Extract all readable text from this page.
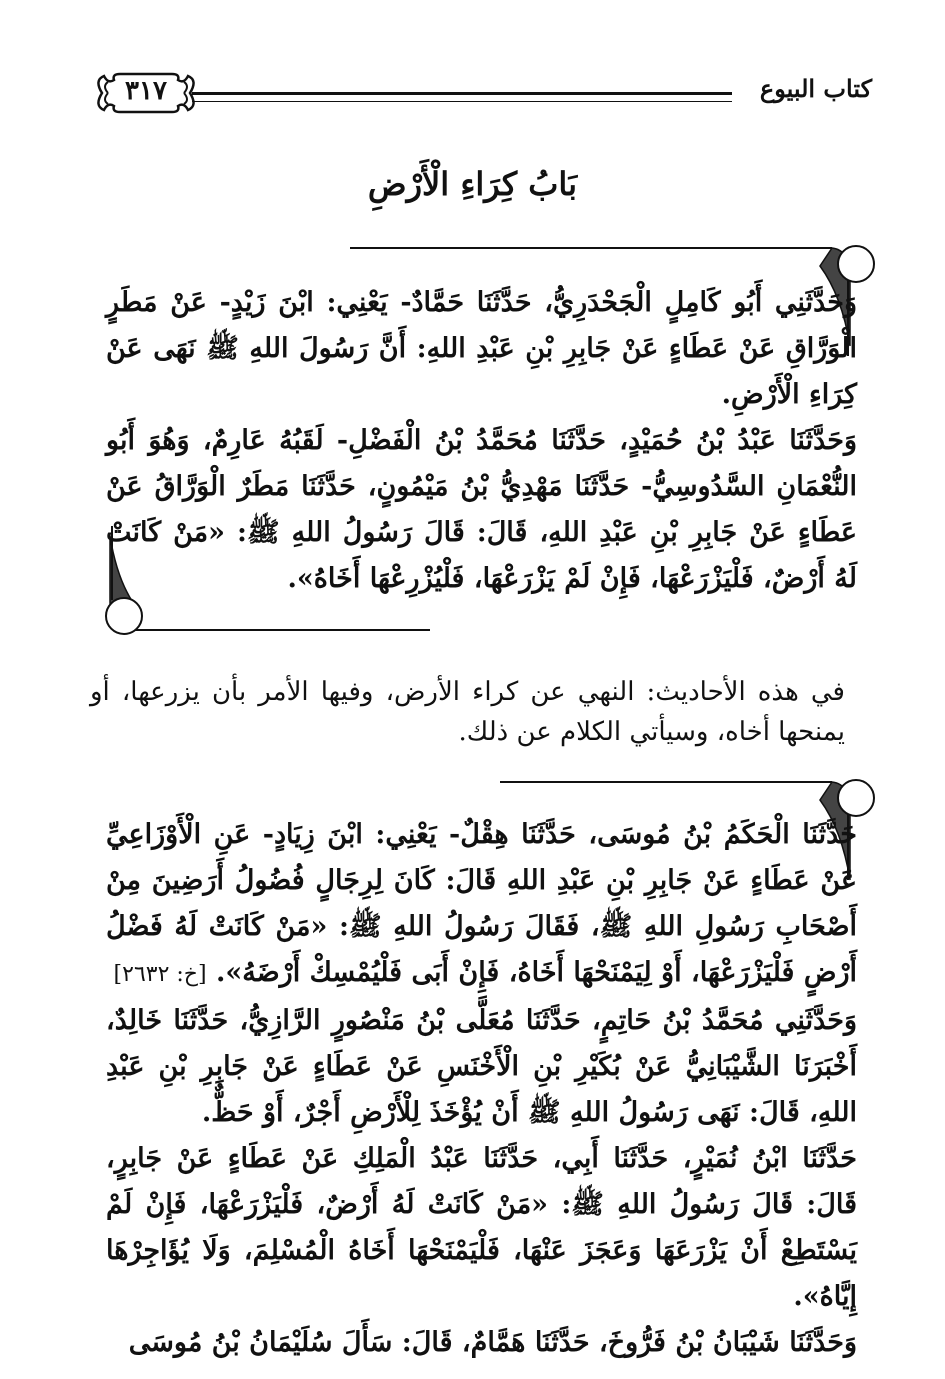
كتاب البيوع
٣١٧
بَابُ كِرَاءِ الْأَرْضِ

وَحَدَّثَنِي أَبُو كَامِلٍ الْجَحْدَرِيُّ، حَدَّثَنَا حَمَّادٌ- يَعْنِي: ابْنَ زَيْدٍ- عَنْ مَطَرٍ الْوَرَّاقِ عَنْ عَطَاءٍ عَنْ جَابِرِ بْنِ عَبْدِ اللهِ: أَنَّ رَسُولَ اللهِ ﷺ نَهَى عَنْ كِرَاءِ الْأَرْضِ.

وَحَدَّثَنَا عَبْدُ بْنُ حُمَيْدٍ، حَدَّثَنَا مُحَمَّدُ بْنُ الْفَضْلِ- لَقَبُهُ عَارِمٌ، وَهُوَ أَبُو النُّعْمَانِ السَّدُوسِيُّ- حَدَّثَنَا مَهْدِيُّ بْنُ مَيْمُونٍ، حَدَّثَنَا مَطَرٌ الْوَرَّاقُ عَنْ عَطَاءٍ عَنْ جَابِرِ بْنِ عَبْدِ اللهِ، قَالَ: قَالَ رَسُولُ اللهِ ﷺ: «مَنْ كَانَتْ لَهُ أَرْضٌ، فَلْيَزْرَعْهَا، فَإِنْ لَمْ يَزْرَعْهَا، فَلْيُزْرِعْهَا أَخَاهُ».

في هذه الأحاديث: النهي عن كراء الأرض، وفيها الأمر بأن يزرعها، أو يمنحها أخاه، وسيأتي الكلام عن ذلك.

حَدَّثَنَا الْحَكَمُ بْنُ مُوسَى، حَدَّثَنَا هِقْلٌ- يَعْنِي: ابْنَ زِيَادٍ- عَنِ الْأَوْزَاعِيِّ عَنْ عَطَاءٍ عَنْ جَابِرِ بْنِ عَبْدِ اللهِ قَالَ: كَانَ لِرِجَالٍ فُضُولُ أَرَضِينَ مِنْ أَصْحَابِ رَسُولِ اللهِ ﷺ، فَقَالَ رَسُولُ اللهِ ﷺ: «مَنْ كَانَتْ لَهُ فَضْلُ أَرْضٍ فَلْيَزْرَعْهَا، أَوْ لِيَمْنَحْهَا أَخَاهُ، فَإِنْ أَبَى فَلْيُمْسِكْ أَرْضَهُ». [خ: ٢٦٣٢]

وَحَدَّثَنِي مُحَمَّدُ بْنُ حَاتِمٍ، حَدَّثَنَا مُعَلَّى بْنُ مَنْصُورٍ الرَّازِيُّ، حَدَّثَنَا خَالِدٌ، أَخْبَرَنَا الشَّيْبَانِيُّ عَنْ بُكَيْرِ بْنِ الْأَخْنَسِ عَنْ عَطَاءٍ عَنْ جَابِرِ بْنِ عَبْدِ اللهِ، قَالَ: نَهَى رَسُولُ اللهِ ﷺ أَنْ يُؤْخَذَ لِلْأَرْضِ أَجْرٌ، أَوْ حَظٌّ.

حَدَّثَنَا ابْنُ نُمَيْرٍ، حَدَّثَنَا أَبِي، حَدَّثَنَا عَبْدُ الْمَلِكِ عَنْ عَطَاءٍ عَنْ جَابِرٍ، قَالَ: قَالَ رَسُولُ اللهِ ﷺ: «مَنْ كَانَتْ لَهُ أَرْضٌ، فَلْيَزْرَعْهَا، فَإِنْ لَمْ يَسْتَطِعْ أَنْ يَزْرَعَهَا وَعَجَزَ عَنْهَا، فَلْيَمْنَحْهَا أَخَاهُ الْمُسْلِمَ، وَلَا يُؤَاجِرْهَا إِيَّاهُ».

وَحَدَّثَنَا شَيْبَانُ بْنُ فَرُّوخَ، حَدَّثَنَا هَمَّامٌ، قَالَ: سَأَلَ سُلَيْمَانُ بْنُ مُوسَى
